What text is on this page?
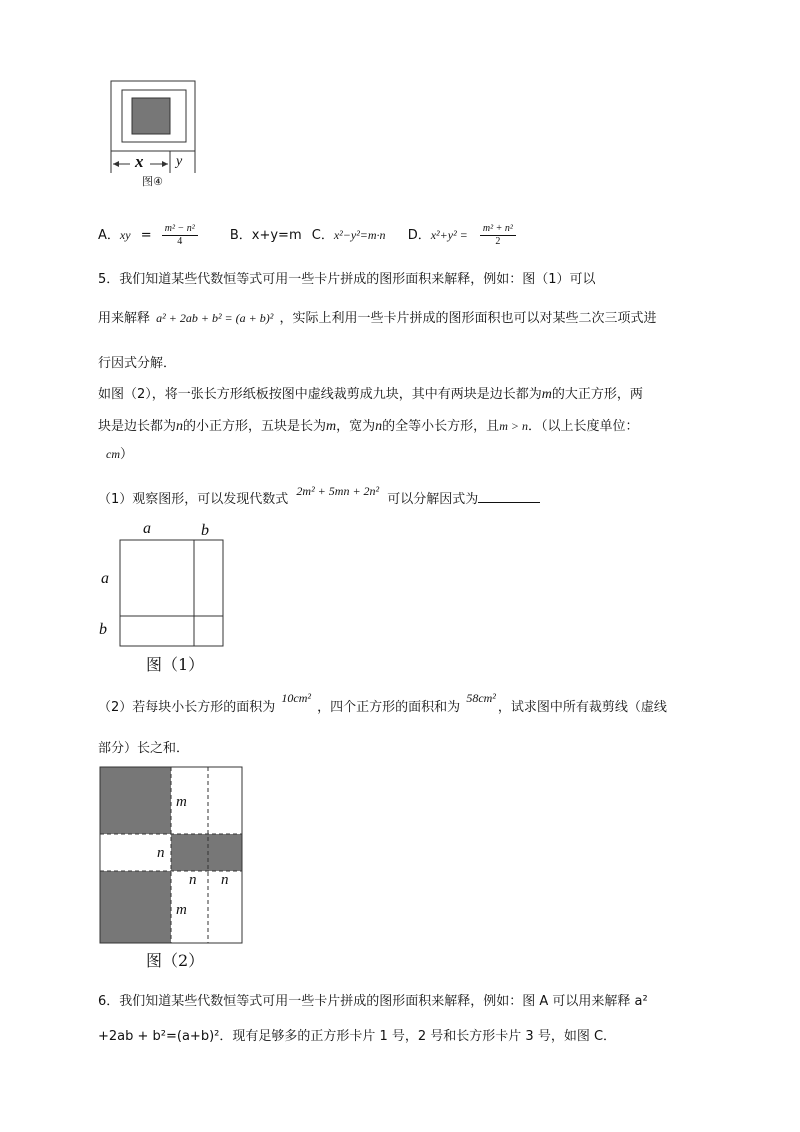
x y
图④
A．xy = $\frac{\text{m² − n²}}{4}$ B．x+y=m C．x²−y²=m·n D．$x^2+y^2 = \frac{\text{m² + n²}}{2}$
5．我们知道某些代数恒等式可用一些卡片拼成的图形面积来解释，例如：图（1）可以
用来解释 a² + 2ab + b² = (a + b)² ，实际上利用一些卡片拼成的图形面积也可以对某些二次三项式进
行因式分解．
如图（2），将一张长方形纸板按图中虚线裁剪成九块，其中有两块是边长都为m的大正方形，两
块是边长都为n的小正方形，五块是长为m，宽为n的全等小长方形，且m > n．（以上长度单位：
cm）
（1）观察图形，可以发现代数式 2m² + 5mn + 2n² 可以分解因式为
a	b
a
b
图（1）
（2）若每块小长方形的面积为 10cm² ，四个正方形的面积和为 58cm²，试求图中所有裁剪线（虚线
部分）长之和．
m
n
n n
m
图（2）
6．我们知道某些代数恒等式可用一些卡片拼成的图形面积来解释，例如：图 A 可以用来解释 a²
+2ab + b²=(a+b)²．现有足够多的正方形卡片 1 号，2 号和长方形卡片 3 号，如图 C．
